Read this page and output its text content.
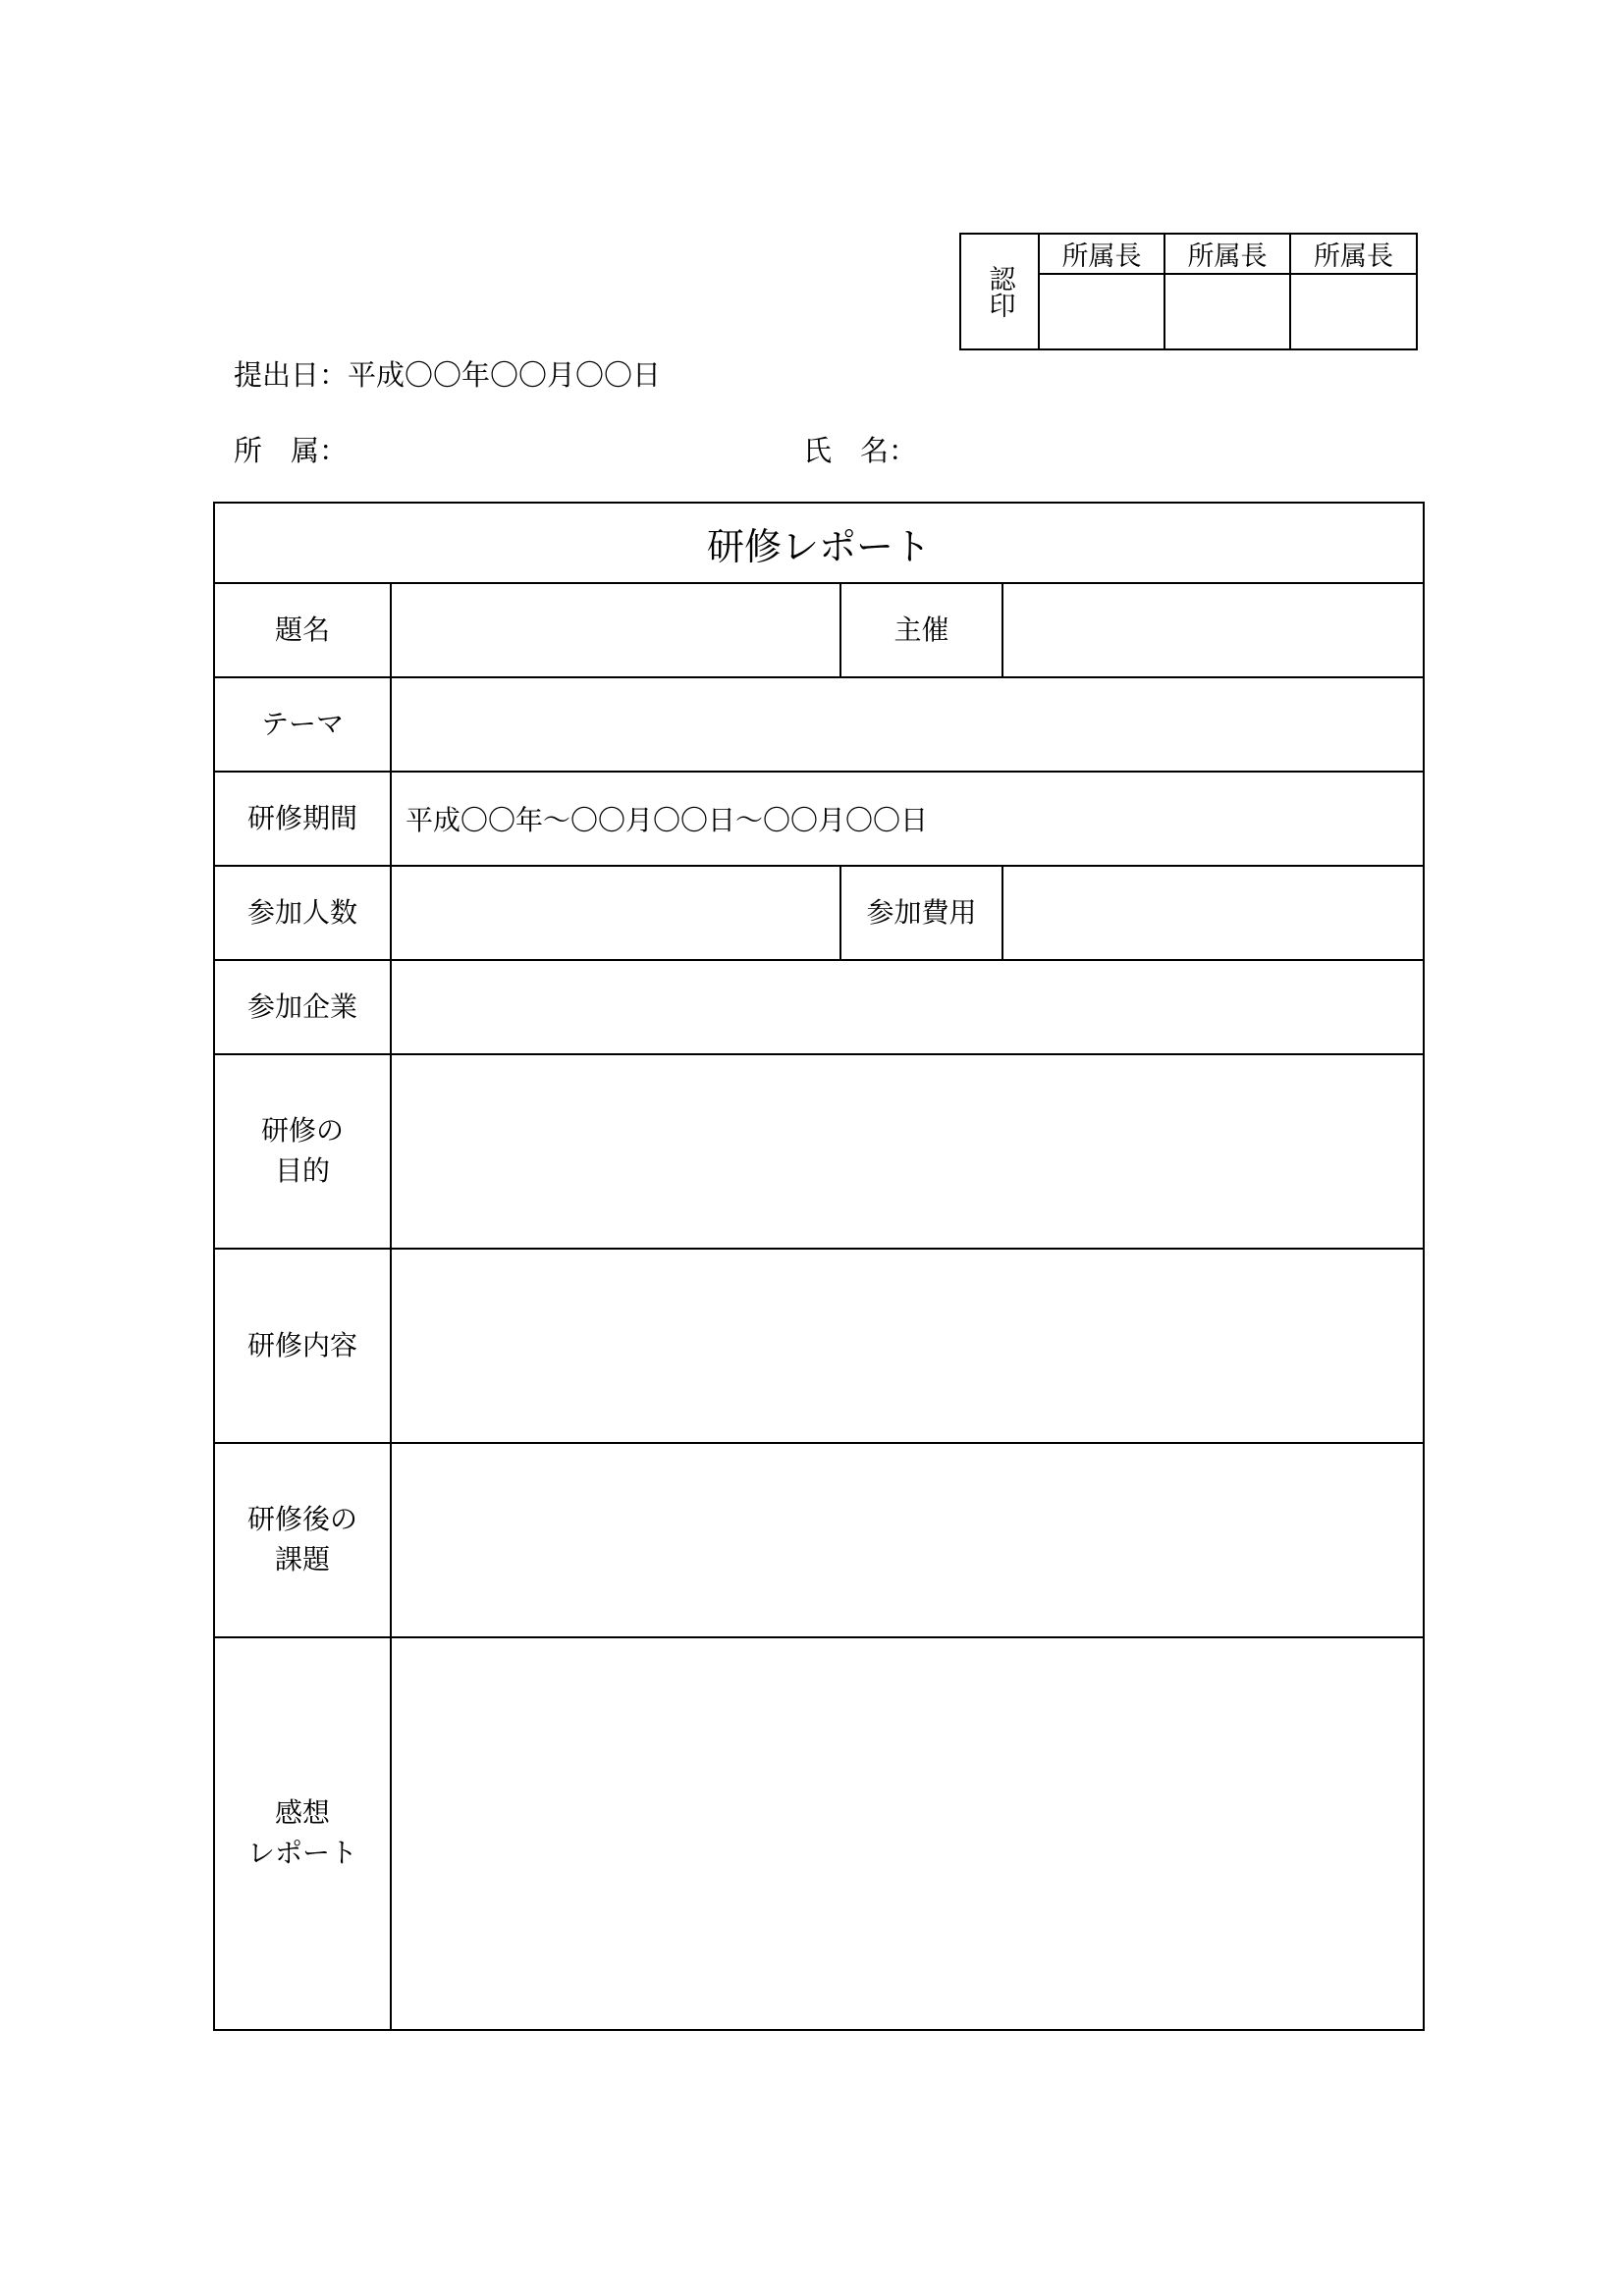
認印	所属長	所属長	所属長

提出日：平成〇〇年〇〇月〇〇日
所　属：	氏　名：
研修レポート			
題名		主催	
テーマ			
研修期間	平成〇〇年～〇〇月〇〇日～〇〇月〇〇日		
参加人数		参加費用	
参加企業			
研修の
目的			
研修内容			
研修後の
課題			
感想
レポート			
